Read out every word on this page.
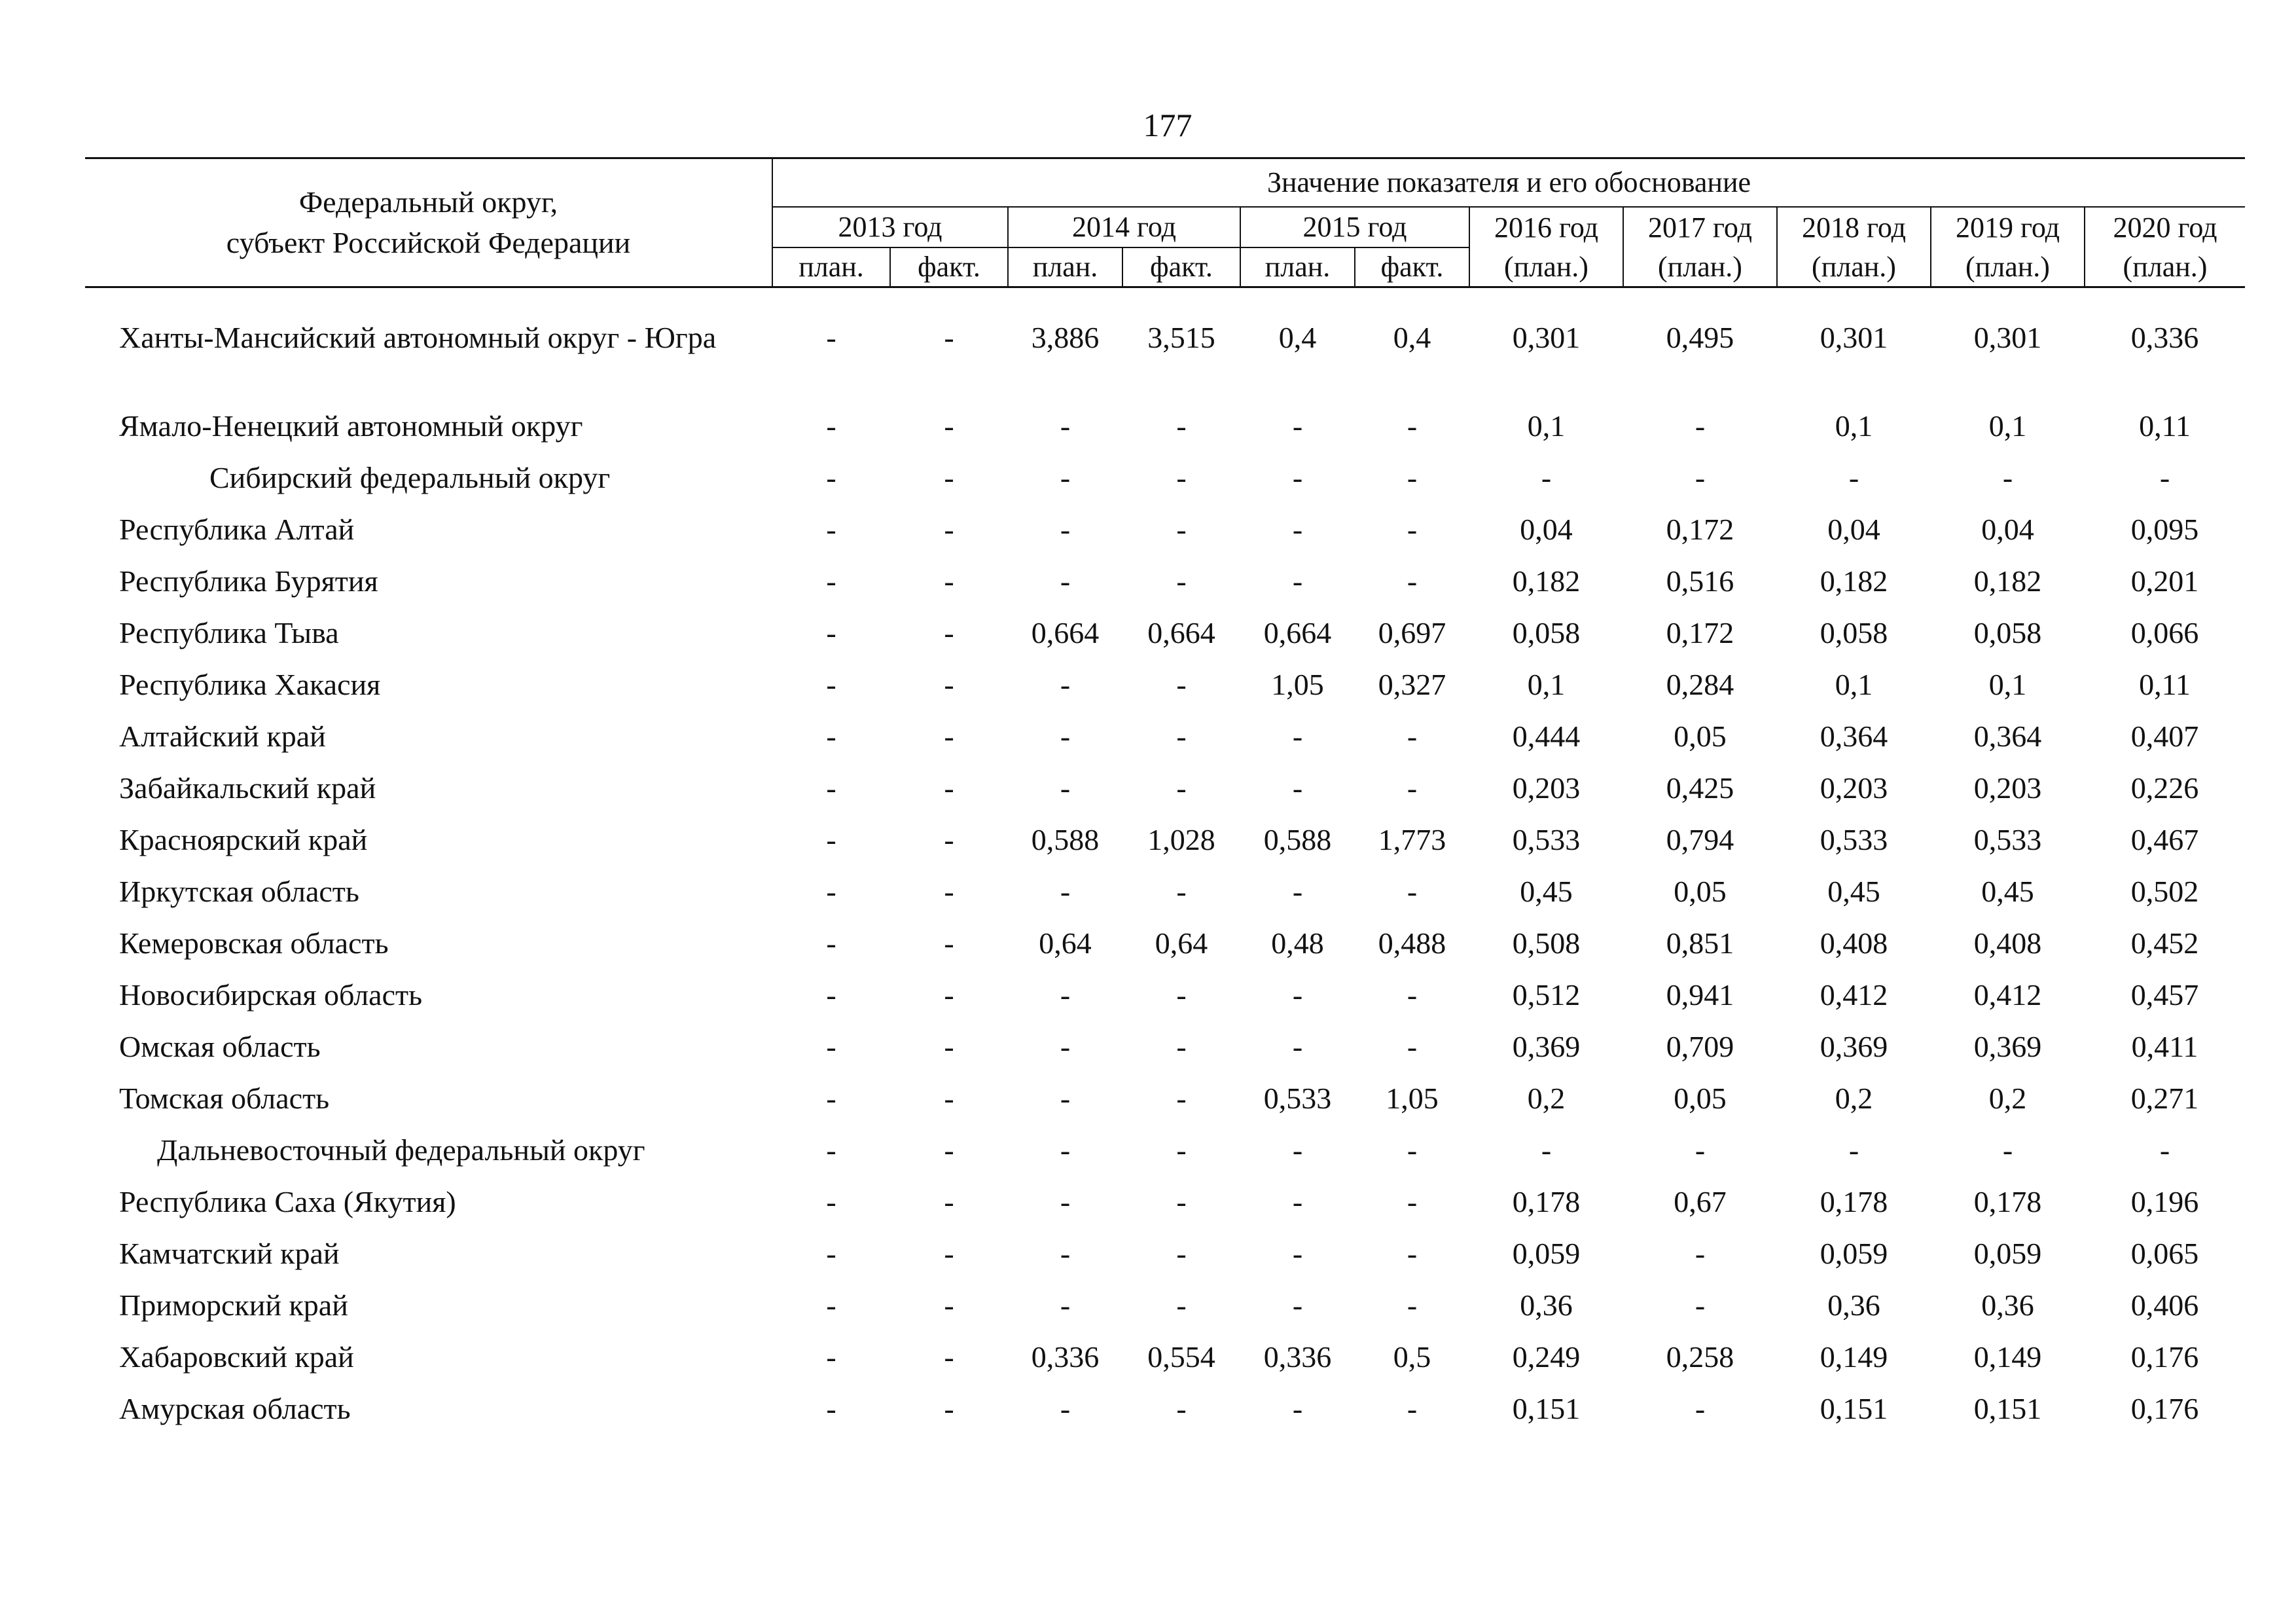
177
Федеральный округ,
субъект Российской Федерации	Значение показателя и его обоснование										
	2013 год		2014 год		2015 год		2016 год	2017 год	2018 год	2019 год	2020 год
	план.	факт.	план.	факт.	план.	факт.	(план.)	(план.)	(план.)	(план.)	(план.)
Ханты-Мансийский автономный округ - Югра	-	-	3,886	3,515	0,4	0,4	0,301	0,495	0,301	0,301	0,336
Ямало-Ненецкий автономный округ	-	-	-	-	-	-	0,1	-	0,1	0,1	0,11
Сибирский федеральный округ	-	-	-	-	-	-	-	-	-	-	-
Республика Алтай	-	-	-	-	-	-	0,04	0,172	0,04	0,04	0,095
Республика Бурятия	-	-	-	-	-	-	0,182	0,516	0,182	0,182	0,201
Республика Тыва	-	-	0,664	0,664	0,664	0,697	0,058	0,172	0,058	0,058	0,066
Республика Хакасия	-	-	-	-	1,05	0,327	0,1	0,284	0,1	0,1	0,11
Алтайский край	-	-	-	-	-	-	0,444	0,05	0,364	0,364	0,407
Забайкальский край	-	-	-	-	-	-	0,203	0,425	0,203	0,203	0,226
Красноярский край	-	-	0,588	1,028	0,588	1,773	0,533	0,794	0,533	0,533	0,467
Иркутская область	-	-	-	-	-	-	0,45	0,05	0,45	0,45	0,502
Кемеровская область	-	-	0,64	0,64	0,48	0,488	0,508	0,851	0,408	0,408	0,452
Новосибирская область	-	-	-	-	-	-	0,512	0,941	0,412	0,412	0,457
Омская область	-	-	-	-	-	-	0,369	0,709	0,369	0,369	0,411
Томская область	-	-	-	-	0,533	1,05	0,2	0,05	0,2	0,2	0,271
Дальневосточный федеральный округ	-	-	-	-	-	-	-	-	-	-	-
Республика Саха (Якутия)	-	-	-	-	-	-	0,178	0,67	0,178	0,178	0,196
Камчатский край	-	-	-	-	-	-	0,059	-	0,059	0,059	0,065
Приморский край	-	-	-	-	-	-	0,36	-	0,36	0,36	0,406
Хабаровский край	-	-	0,336	0,554	0,336	0,5	0,249	0,258	0,149	0,149	0,176
Амурская область	-	-	-	-	-	-	0,151	-	0,151	0,151	0,176
